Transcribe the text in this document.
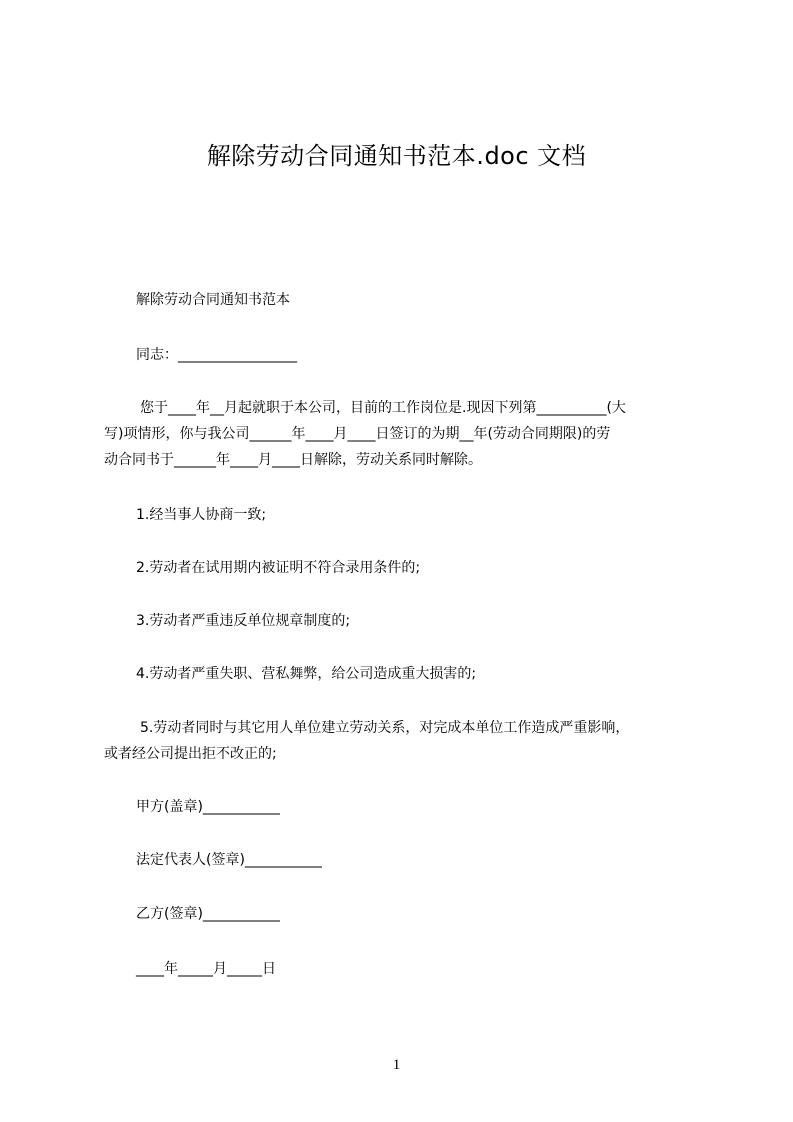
解除劳动合同通知书范本.doc 文档
解除劳动合同通知书范本
同志：_________________
您于____年__月起就职于本公司，目前的工作岗位是.现因下列第__________(大
写)项情形，你与我公司______年____月____日签订的为期__年(劳动合同期限)的劳
动合同书于______年____月____日解除，劳动关系同时解除。
1.经当事人协商一致;
2.劳动者在试用期内被证明不符合录用条件的;
3.劳动者严重违反单位规章制度的;
4.劳动者严重失职、营私舞弊，给公司造成重大损害的;
5.劳动者同时与其它用人单位建立劳动关系，对完成本单位工作造成严重影响，
或者经公司提出拒不改正的;
甲方(盖章)___________
法定代表人(签章)___________
乙方(签章)___________
____年_____月_____日
1
